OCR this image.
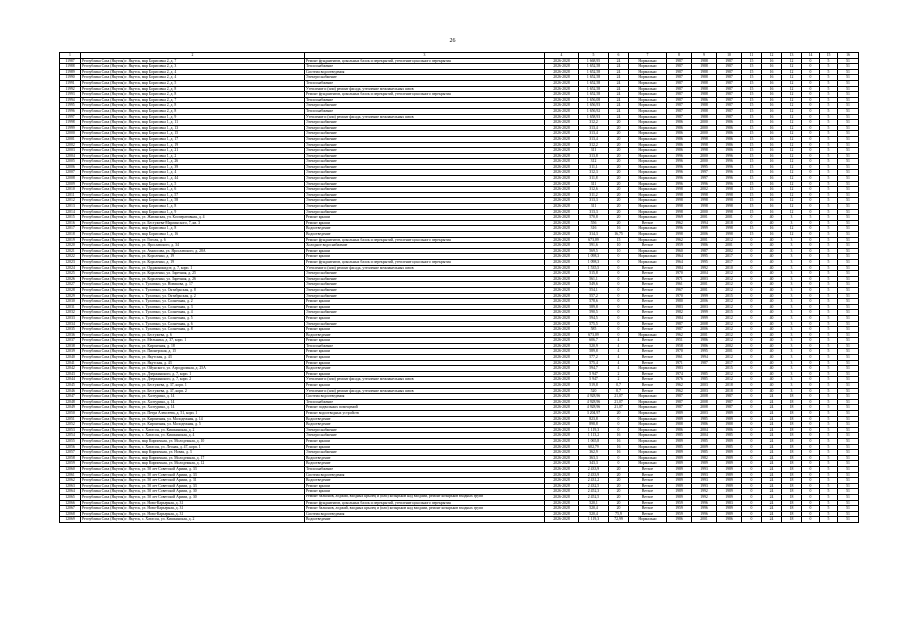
26
1	2	3	4	5	6	7	8	9	10	11	12	13	14	15	16
11987	Республика Саха (Якутия) г. Якутск, мкр Борисовка 2, д. 7	Ремонт фундаментов, цокольных балок и перекрытий, утепление цокольного перекрытия	2026-2028	1 668,95	24	Нормально	1987	1988	1987	15	16	12	0	5	51
11988	Республика Саха (Якутия) г. Якутск, мкр Борисовка 2, д. 3	Теплоснабжение	2026-2028	1 652,58	24	Нормально	1987	1988	1987	15	16	12	0	5	51
11989	Республика Саха (Якутия) г. Якутск, мкр Борисовка 2, д. 4	Система водоотведения	2026-2028	1 652,58	24	Нормально	1987	1988	1987	15	16	12	0	5	51
11990	Республика Саха (Якутия) г. Якутск, мкр Борисовка 2, д. 4	Электроснабжение	2026-2028	1 652,58	24	Нормально	1987	1988	1987	15	16	12	0	5	51
11991	Республика Саха (Якутия) г. Якутск, мкр Борисовка 2, д. 5	Теплоснабжение	2026-2028	1 652,58	24	Нормально	1987	1988	1987	15	16	12	0	5	51
11992	Республика Саха (Якутия) г. Якутск, мкр Борисовка 2, д. 8	Утепление и (или) ремонт фасада, утепление межпанельных швов	2026-2028	1 652,58	24	Нормально	1987	1988	1987	15	16	12	0	5	51
11993	Республика Саха (Якутия) г. Якутск, мкр Борисовка 2, д. 8	Ремонт фундаментов, цокольных балок и перекрытий, утепление цокольного перекрытия	2026-2028	1 652,58	24	Нормально	1987	1988	1987	15	16	12	0	5	51
11994	Республика Саха (Якутия) г. Якутск, мкр Борисовка 2, д. 7	Теплоснабжение	2026-2028	1 656,08	24	Нормально	1987	1986	1987	15	16	12	0	5	51
11995	Республика Саха (Якутия) г. Якутск, мкр Борисовка 2, д. 8	Электроснабжение	2026-2028	1 656,93	24	Нормально	1987	1988	1987	15	16	12	0	5	51
11996	Республика Саха (Якутия) г. Якутск, мкр Борисовка 2, д. 8	Теплоснабжение	2026-2028	1 656,92	24	Нормально	1987	1988	1987	15	16	12	0	5	51
11997	Республика Саха (Якутия) г. Якутск, мкр Борисовка 1, д. 9	Утепление и (или) ремонт фасада, утепление межпанельных швов	2026-2028	1 658,93	24	Нормально	1987	1988	1987	15	16	12	0	5	51
11998	Республика Саха (Якутия) г. Якутск, мкр Борисовка 1, д. 11	Электроснабжение	2026-2028	312,2	20	Нормально	1986	2000	1986	15	16	12	0	5	51
11999	Республика Саха (Якутия) г. Якутск, мкр Борисовка 1, д. 13	Электроснабжение	2026-2028	313,4	20	Нормально	1986	2000	1986	15	16	12	0	5	51
12000	Республика Саха (Якутия) г. Якутск, мкр Борисовка 1, д. 15	Электроснабжение	2026-2028	313,4	20	Нормально	1986	2000	1986	15	16	12	0	5	51
12001	Республика Саха (Якутия) г. Якутск, мкр Борисовка 1, д. 17	Электроснабжение	2026-2028	313,4	20	Нормально	1986	1998	1986	15	16	12	0	5	51
12002	Республика Саха (Якутия) г. Якутск, мкр Борисовка 1, д. 19	Электроснабжение	2026-2028	312,2	20	Нормально	1986	1998	1986	15	16	12	0	5	51
12003	Республика Саха (Якутия) г. Якутск, мкр Борисовка 1, д. 21	Электроснабжение	2026-2028	311	20	Нормально	1986	1998	1986	15	16	12	0	5	51
12004	Республика Саха (Якутия) г. Якутск, мкр Борисовка 1, д. 2	Электроснабжение	2026-2028	313,8	20	Нормально	1996	2000	1996	15	16	12	0	5	51
12005	Республика Саха (Якутия) г. Якутск, мкр Борисовка 1, д. 26	Электроснабжение	2026-2028	312	20	Нормально	1996	2000	1996	15	16	12	0	5	51
12006	Республика Саха (Якутия) г. Якутск, мкр Борисовка 1, д. 39	Электроснабжение	2026-2028	311,1	20	Нормально	1996	1995	1996	15	16	12	0	5	51
12007	Республика Саха (Якутия) г. Якутск, мкр Борисовка 1, д. 4	Электроснабжение	2026-2028	312,3	20	Нормально	1996	1997	1996	15	16	12	0	5	51
12008	Республика Саха (Якутия) г. Якутск, мкр Борисовка 1, д. 44	Электроснабжение	2026-2028	311,8	20	Нормально	1996	1997	1996	15	16	12	0	5	51
12009	Республика Саха (Якутия) г. Якутск, мкр Борисовка 1, д. 5	Электроснабжение	2026-2028	311	20	Нормально	1996	1996	1996	15	16	12	0	5	51
12010	Республика Саха (Якутия) г. Якутск, мкр Борисовка 1, д. 6	Электроснабжение	2026-2028	312,6	20	Нормально	1998	2002	1998	15	16	12	0	5	51
12011	Республика Саха (Якутия) г. Якутск, мкр Борисовка 1, д. 57	Электроснабжение	2026-2028	311,2	20	Нормально	1998	1998	1998	15	16	12	0	5	51
12012	Республика Саха (Якутия) г. Якутск, мкр Борисовка 1, д. 58	Электроснабжение	2026-2028	313,3	20	Нормально	1998	1998	1998	15	16	12	0	5	51
12013	Республика Саха (Якутия) г. Якутск, мкр Борисовка 1, д. 8	Электроснабжение	2026-2028	311	20	Нормально	1998	1998	1998	15	16	12	0	5	51
12014	Республика Саха (Якутия) г. Якутск, мкр Борисовка 1, д. 9	Электроснабжение	2026-2028	313,3	20	Нормально	1998	2000	1998	15	16	12	0	5	51
12015	Республика Саха (Якутия) г. Якутск, ул. Жиганская, уч. Кооперативная, д. 4	Ремонт крыши	2026-2028	570,8	20	Нормально	1969	2001	2001	0	40	3	5	5	51
12016	Республика Саха (Якутия) г. Якутск, ул. Бестужева-Марлинского, 7, кв. 3	Ремонт крыши	2026-2028	556	20	Ветхое	1962	1994	2018	0	40	3	0	5	51
12017	Республика Саха (Якутия) г. Якутск, мкр Борисовка 1, д. 8	Водоотведение	2026-2028	316	16	Нормально	1996	1999	1998	15	16	12	0	5	51
12018	Республика Саха (Якутия) г. Якутск, мкр Борисовка 1, д. 16	Водоотведение	2026-2028	314,3	16,75	Нормально	1998	2006	1998	15	16	12	0	5	51
12019	Республика Саха (Якутия) г. Якутск, ул. Гоголя, д. 6	Ремонт фундаментов, цокольных балок и перекрытий, утепление цокольного перекрытия	2026-2028	673,09	15	Нормально	1962	2001	2012	0	40	3	0	5	51
12020	Республика Саха (Якутия) г. Якутск, ул. Ярославского, д. 34	Холодное водоснабжение	2026-2028	591,6	10	Ветхое	1959	1986	2001	0	40	3	0	5	51
12021	Республика Саха (Якутия) г. Якутск, ул. Аммосова, ул. Ярославского, д. 28А	Ремонт крыши	2026-2028	569,5	10	Нормально	1960	1987	2002	0	40	3	0	5	51
12022	Республика Саха (Якутия) г. Якутск, ул. Короленко, д. 19	Ремонт крыши	2026-2028	1 098,3	0	Нормально	1964	1995	2017	0	40	3	0	5	51
12023	Республика Саха (Якутия) г. Якутск, ул. Короленко, д. 19	Ремонт фундаментов, цокольных балок и перекрытий, утепление цокольного перекрытия	2026-2028	1 098,3	0	Нормально	1964	1995	2017	0	40	3	0	5	51
12024	Республика Саха (Якутия) г. Якутск, ул. Орджоникидзе, д. 7, корп. 1	Утепление и (или) ремонт фасада, утепление межпанельных швов	2026-2028	1 535,5	0	Ветхое	1984	1992	2010	0	40	3	0	5	51
12025	Республика Саха (Якутия) г. Якутск, ул. Короленко, ул. Заречная, д. 25	Электроснабжение	2026-2028	515,8	0	Ветхое	1970	2004	2012	0	40	3	0	5	51
12026	Республика Саха (Якутия) г. Якутск, ул. Короленко, ул. Заречная, д. 26	Электроснабжение	2026-2028	561,1	0	Ветхое	1971	2003	2012	0	40	3	0	5	51
12027	Республика Саха (Якутия) г. Якутск, с. Тулагино, ул. Новикова, д. 17	Электроснабжение	2026-2028	549,6	0	Ветхое	1961	2001	2012	0	40	3	0	5	51
12028	Республика Саха (Якутия) г. Якутск, с. Тулагино, ул. Октябрьская, д. 8	Электроснабжение	2026-2028	554,1	0	Ветхое	1967	2001	2012	0	40	3	0	5	51
12029	Республика Саха (Якутия) г. Якутск, с. Тулагино, ул. Октябрьская, д. 2	Электроснабжение	2026-2028	557,2	0	Ветхое	1970	1999	2015	0	40	3	0	5	51
12030	Республика Саха (Якутия) г. Якутск, с. Тулагино, ул. Солнечная, д. 2	Ремонт крыши	2026-2028	578,6	0	Ветхое	1980	2006	2012	0	40	3	0	5	51
12031	Республика Саха (Якутия) г. Якутск, с. Тулагино, ул. Солнечная, д. 3	Ремонт крыши	2026-2028	589,8	0	Ветхое	1983	2003	2012	0	40	3	0	5	51
12032	Республика Саха (Якутия) г. Якутск, с. Тулагино, ул. Солнечная, д. 4	Электроснабжение	2026-2028	590,5	0	Ветхое	1982	1999	2015	0	40	3	0	5	51
12033	Республика Саха (Якутия) г. Якутск, с. Тулагино, ул. Солнечная, д. 5	Ремонт крыши	2026-2028	594,5	0	Ветхое	1984	1999	2012	0	40	3	0	5	51
12034	Республика Саха (Якутия) г. Якутск, с. Тулагино, ул. Солнечная, д. 6	Электроснабжение	2026-2028	575,5	0	Ветхое	1987	2008	2012	0	40	3	0	5	51
12035	Республика Саха (Якутия) г. Якутск, с. Тулагино, ул. Солнечная, д. 8	Ремонт крыши	2026-2028	585	0	Ветхое	1987	2006	2012	0	40	3	0	5	51
12036	Республика Саха (Якутия) г. Якутск, ул. Бестужева, д. 6	Водоотведение	2026-2028	673,09	0	Нормально	1962	2001	2012	0	40	3	0	5	51
12037	Республика Саха (Якутия) г. Якутск, ул. Мельника, д. 37, корп. 1	Ремонт крыши	2026-2028	606,7	4	Ветхое	1951	1986	2012	0	40	3	0	5	51
12038	Республика Саха (Якутия) г. Якутск, ул. Кирпичная, д. 18	Теплоснабжение	2026-2028	520,9	4	Ветхое	1958	1986	2002	0	40	3	0	5	51
12039	Республика Саха (Якутия) г. Якутск, ул. Пионерская, д. 15	Ремонт крыши	2026-2028	589,8	4	Ветхое	1970	1995	2001	0	40	3	0	5	51
12040	Республика Саха (Якутия) г. Якутск, ул. Якутская, д. 43	Ремонт крыши	2026-2028	577,2	4	Ветхое	1961	1994	2012	0	40	3	0	5	51
12041	Республика Саха (Якутия) г. Якутск, ул. Якутская, д. 43	Ремонт крыши	2026-2028	575,4	4	Ветхое	1971	1987	2017	0	40	3	0	5	51
12042	Республика Саха (Якутия) г. Якутск, ул. Ойунского, ул. Аэродромная, д. 25А	Водоотведение	2026-2028	594,7	4	Нормально	1983		2015	0	40	3	0	5	51
12043	Республика Саха (Якутия) г. Якутск, ул. Дзержинского, д. 7, корп. 1	Ремонт крыши	2026-2028	5 947	2	Ветхое	1974	1985	2012	0	40	3	0	5	51
12044	Республика Саха (Якутия) г. Якутск, ул. Дзержинского, д. 7, корп. 2	Утепление и (или) ремонт фасада, утепление межпанельных швов	2026-2028	5 947	2	Ветхое	1976	1985	2012	0	40	3	0	5	51
12045	Республика Саха (Якутия) г. Якутск, ул. Бестужева, д. 37, корп. 1	Ремонт крыши	2026-2028	519,8	0,7	Ветхое	1962	2003	2018	0	40	3	0	5	51
12046	Республика Саха (Якутия) г. Якутск, ул. Бестужева, д. 37, корп. 2	Утепление и (или) ремонт фасада, утепление межпанельных швов	2026-2028	520	0,7	Ветхое	1962	2003	2018	0	40	3	0	5	51
12047	Республика Саха (Якутия) г. Якутск, ул. Халтурина, д. 14	Система водоотведения	2026-2028	4 928,96	21,07	Нормально	1987	2008	1987	0	24	18	0	5	51
12048	Республика Саха (Якутия) г. Якутск, ул. Халтурина, д. 14	Теплоснабжение	2026-2028	4 928,96	21,07	Нормально	1987	2008	1987	0	24	18	0	5	51
12049	Республика Саха (Якутия) г. Якутск, ул. Халтурина, д. 14	Ремонт подвальных помещений	2026-2028	4 928,96	21,07	Нормально	1987	2008	1987	0	24	18	0	5	51
12050	Республика Саха (Якутия) г. Якутск, ул. Петра Алексеева, д. 51, корп. 1	Ремонт водоотводных устройств	2026-2028	3 204,97	20	Нормально	1989	2003	1989	0	24	18	0	5	51
12051	Республика Саха (Якутия) г. Якутск, ул. Кирпичная, ул. Молодежная, д. 14	Водоотведение	2026-2028	823,8	0	Нормально	1989	1985	1989	0	24	18	0	5	51
12052	Республика Саха (Якутия) г. Якутск, ул. Кирпичная, ул. Молодежная, д. 5	Водоотведение	2026-2028	898,8	0	Нормально	1988	1986	1988	0	24	18	0	5	51
12053	Республика Саха (Якутия) г. Якутск, с. Хатассы, ул. Кишкинская, д. 2	Электроснабжение	2026-2028	1 119,3	0	Нормально	1986	2004	1986	0	24	18	0	5	51
12054	Республика Саха (Якутия) г. Якутск, с. Хатассы, ул. Кишкинская, д. 4	Электроснабжение	2026-2028	1 113,2	16	Нормально	1985	2004	1985	0	24	18	0	5	51
12055	Республика Саха (Якутия) г. Якутск, мкр Кирпичная, ул. Молодежная, д. 10	Ремонт крыши	2026-2028	1 065,8	16	Нормально	1989	1985	1989	0	24	18	0	5	51
12056	Республика Саха (Якутия) г. Якутск, с. Хатассы, ул. Лесная, д. 47, корп. 1	Ремонт крыши	2026-2028	602,79	16	Нормально	1985	2009	1985	0	24	18	0	5	51
12057	Республика Саха (Якутия) г. Якутск, мкр Кирпичная, ул. Новая, д. 3	Электроснабжение	2026-2028	362,9	16	Нормально	1989	1985	1989	0	24	18	0	5	51
12058	Республика Саха (Якутия) г. Якутск, мкр Кирпичная, ул. Молодежная, д. 17	Водоотведение	2026-2028	363,3	0	Нормально	1989	1982	1989	0	24	18	0	5	51
12059	Республика Саха (Якутия) г. Якутск, мкр Кирпичная, ул. Молодежная, д. 12	Водоотведение	2026-2028	343,3	0	Нормально	1989	1989	1989	0	24	18	0	5	51
12060	Республика Саха (Якутия) г. Якутск, ул. 50 лет Советской Армии, д. 33	Теплоснабжение	2026-2028	2 433,9	20	Ветхое	1989	1993	1989	0	24	18	0	5	51
12061	Республика Саха (Якутия) г. Якутск, ул. 50 лет Советской Армии, д. 33	Система водоотведения	2026-2028	2 433,9	20	Ветхое	1989	1993	1989	0	24	18	0	5	51
12062	Республика Саха (Якутия) г. Якутск, ул. 50 лет Советской Армии, д. 31	Водоотведение	2026-2028	2 431,2	20	Ветхое	1989	1993	1989	0	24	18	0	5	51
12063	Республика Саха (Якутия) г. Якутск, ул. 50 лет Советской Армии, д. 33	Ремонт крыши	2026-2028	2 432,5	20	Ветхое	1989	1993	1989	0	24	18	0	5	51
12064	Республика Саха (Якутия) г. Якутск, ул. 50 лет Советской Армии, д. 30	Ремонт крыши	2026-2028	2 452,3	20	Ветхое	1989	1992	1989	0	24	18	0	5	51
12065	Республика Саха (Якутия) г. Якутск, ул. 50 лет Советской Армии, д. 30	Ремонт балконов, лоджий, входных крылец и (или) козырьков над входами, ремонт козырьков входных групп	2026-2028	2 452,5	20	Ветхое	1989	1992	1989	0	24	18	0	5	51
12066	Республика Саха (Якутия) г. Якутск, ул. Ново-Карьерная, д. 31	Ремонт фундаментов, цокольных балок и перекрытий, утепление цокольного перекрытия	2026-2028	520,1	20	Ветхое	1959	1996	1983	0	24	18	0	5	51
12067	Республика Саха (Якутия) г. Якутск, ул. Ново-Карьерная, д. 31	Ремонт балконов, лоджий, входных крылец и (или) козырьков над входами, ремонт козырьков входных групп	2026-2028	520,4	20	Ветхое	1959	1996	1989	0	24	18	0	5	51
12068	Республика Саха (Якутия) г. Якутск, ул. Ново-Карьерная, д. 31	Система водоотведения	2026-2028	520,4	75,9	Ветхое	1959	1996	1989	0	24	18	0	5	51
12069	Республика Саха (Якутия) г. Якутск, с. Хатассы, ул. Кишкинская, д. 2	Водоотведение	2026-2028	1 119,3	72,99	Нормально	1986	2001	1986	0	24	18	0	5	51
